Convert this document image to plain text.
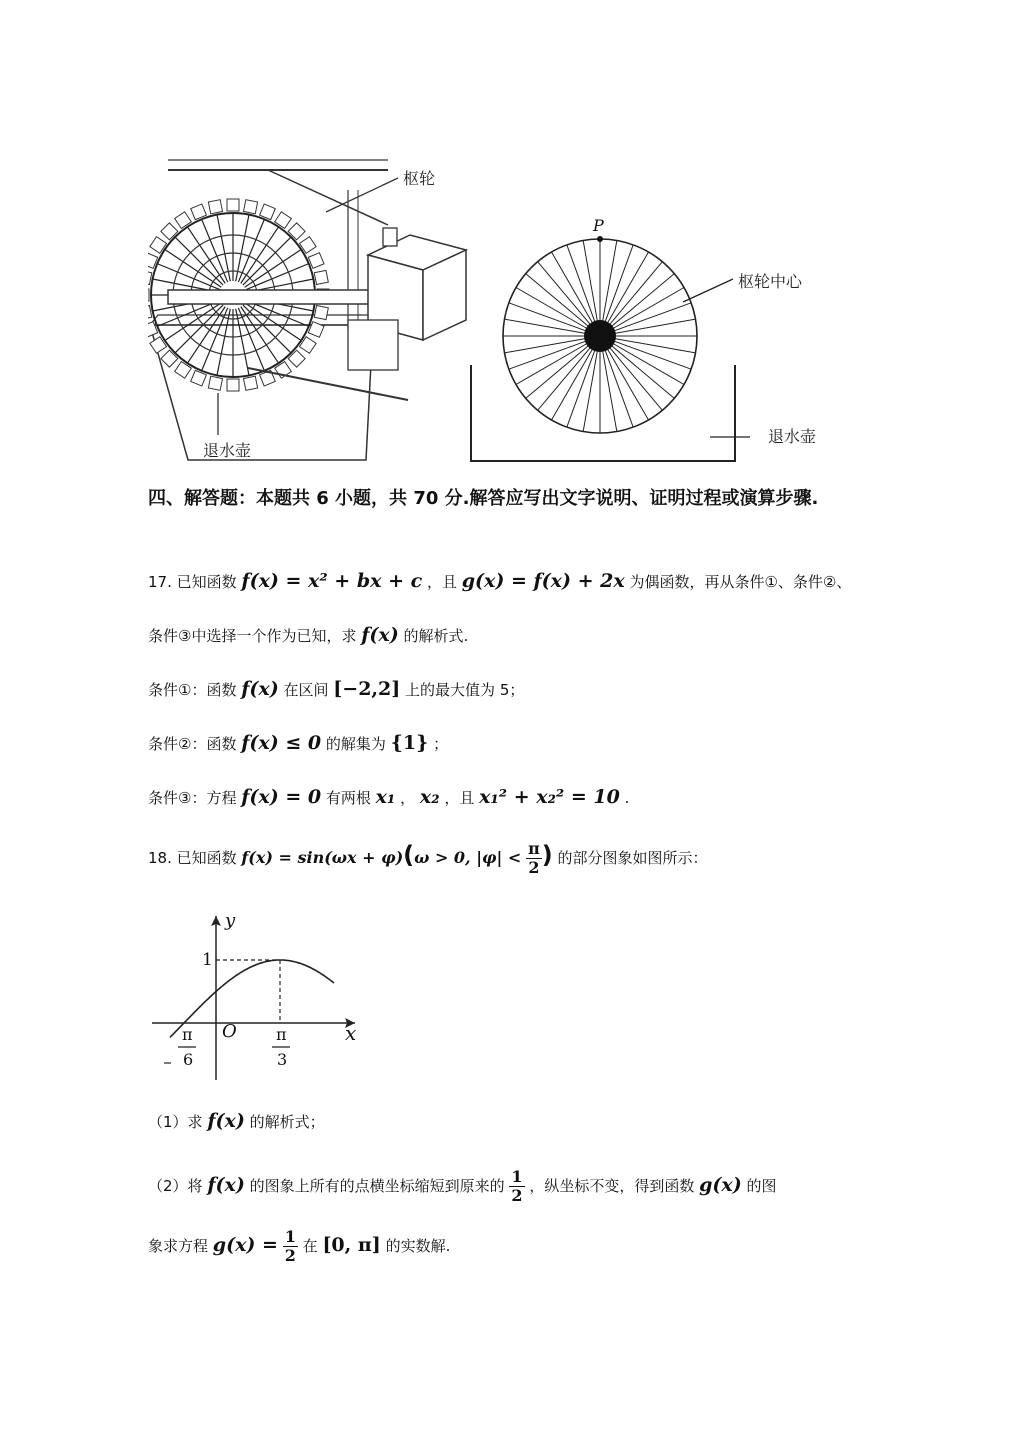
枢轮
退水壶
P
枢轮中心
退水壶
四、解答题：本题共 6 小题，共 70 分.解答应写出文字说明、证明过程或演算步骤.
17. 已知函数 f(x) = x² + bx + c ，且 g(x) = f(x) + 2x 为偶函数，再从条件①、条件②、
条件③中选择一个作为已知，求 f(x) 的解析式.
条件①：函数 f(x) 在区间 [−2,2] 上的最大值为 5；
条件②：函数 f(x) ≤ 0 的解集为 {1} ；
条件③：方程 f(x) = 0 有两根 x₁ ， x₂ ，且 x₁² + x₂² = 10 .
18. 已知函数 f(x) = sin(ωx + φ)(ω > 0, $|\varphi| < \frac{\pi}{2}$ ) 的部分图象如图所示：
y
x
O
1
π
6
π
3
（1）求 f(x) 的解析式；
（2）将 f(x) 的图象上所有的点横坐标缩短到原来的 $\frac{1}{2}$ ，纵坐标不变，得到函数 g(x) 的图
象求方程 $g(x) = \frac{1}{2}$ 在 [0, π] 的实数解.
